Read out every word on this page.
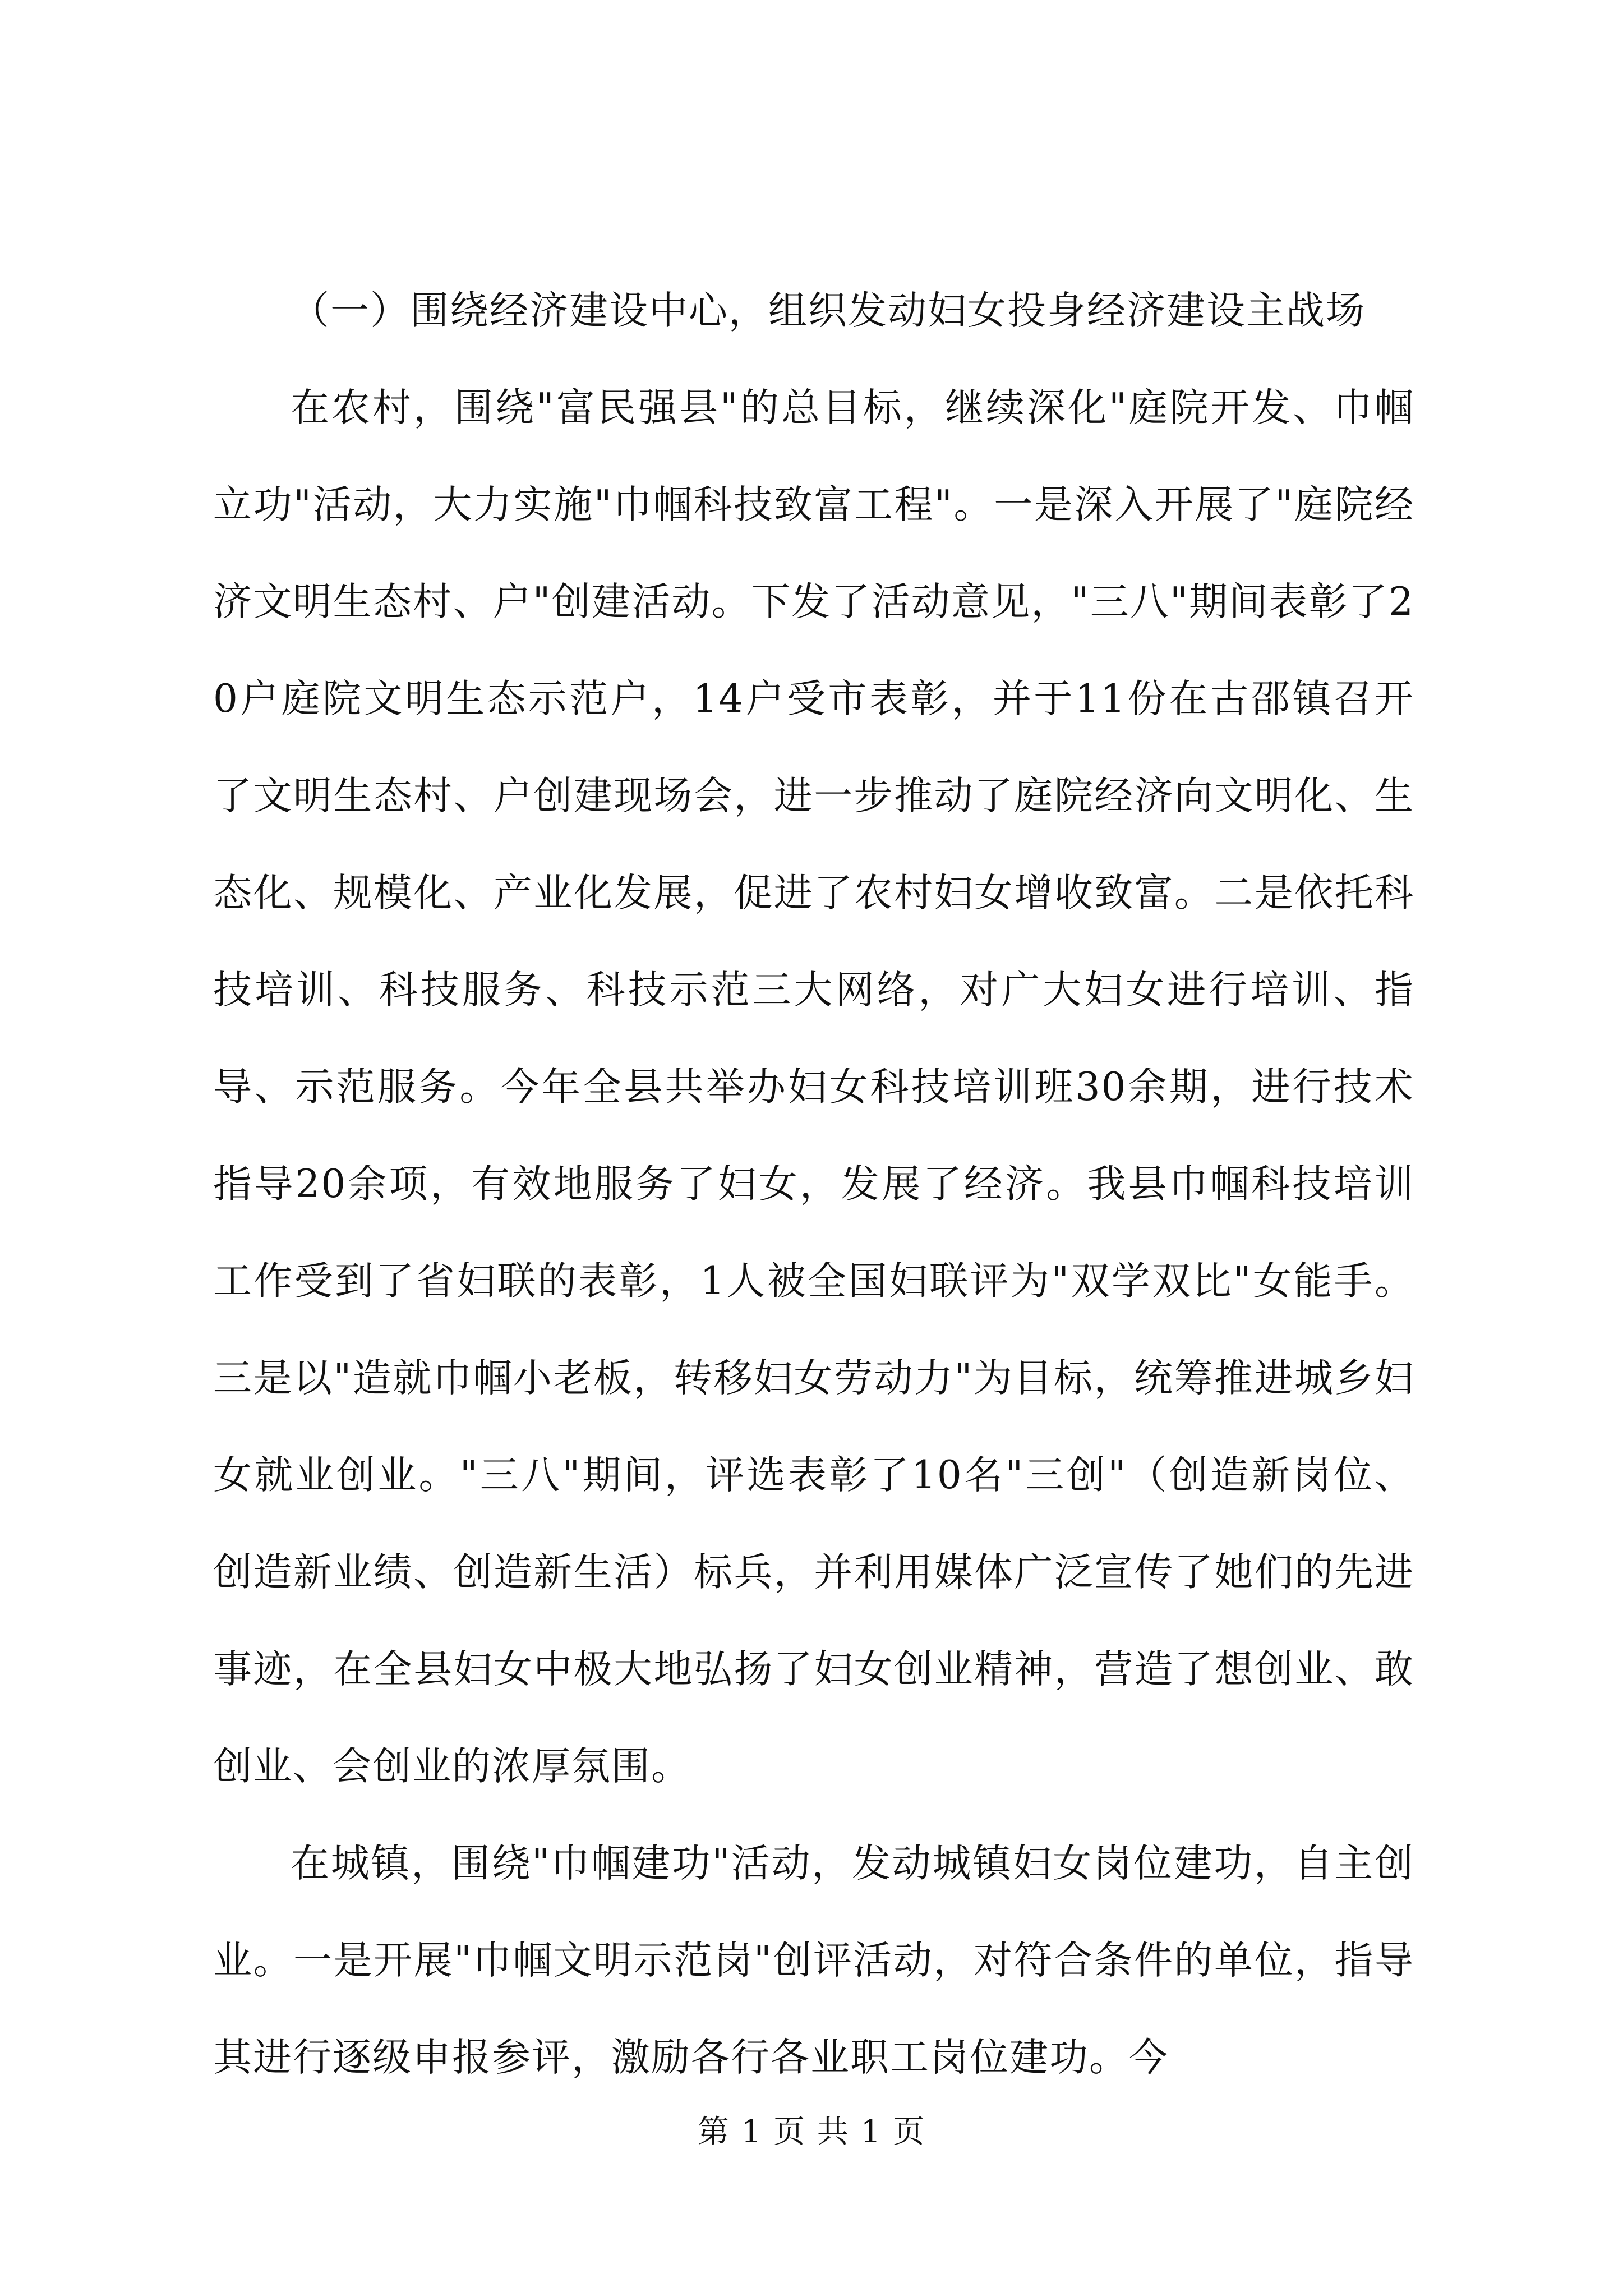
（一）围绕经济建设中心，组织发动妇女投身经济建设主战场

在农村，围绕"富民强县"的总目标，继续深化"庭院开发、巾帼立功"活动，大力实施"巾帼科技致富工程"。一是深入开展了"庭院经济文明生态村、户"创建活动。下发了活动意见，"三八"期间表彰了20户庭院文明生态示范户，14户受市表彰，并于11份在古邵镇召开了文明生态村、户创建现场会，进一步推动了庭院经济向文明化、生态化、规模化、产业化发展，促进了农村妇女增收致富。二是依托科技培训、科技服务、科技示范三大网络，对广大妇女进行培训、指导、示范服务。今年全县共举办妇女科技培训班30余期，进行技术指导20余项，有效地服务了妇女，发展了经济。我县巾帼科技培训工作受到了省妇联的表彰，1人被全国妇联评为"双学双比"女能手。三是以"造就巾帼小老板，转移妇女劳动力"为目标，统筹推进城乡妇女就业创业。"三八"期间，评选表彰了10名"三创"（创造新岗位、创造新业绩、创造新生活）标兵，并利用媒体广泛宣传了她们的先进事迹，在全县妇女中极大地弘扬了妇女创业精神，营造了想创业、敢创业、会创业的浓厚氛围。

在城镇，围绕"巾帼建功"活动，发动城镇妇女岗位建功，自主创业。一是开展"巾帼文明示范岗"创评活动，对符合条件的单位，指导其进行逐级申报参评，激励各行各业职工岗位建功。今

第 1 页 共 1 页
